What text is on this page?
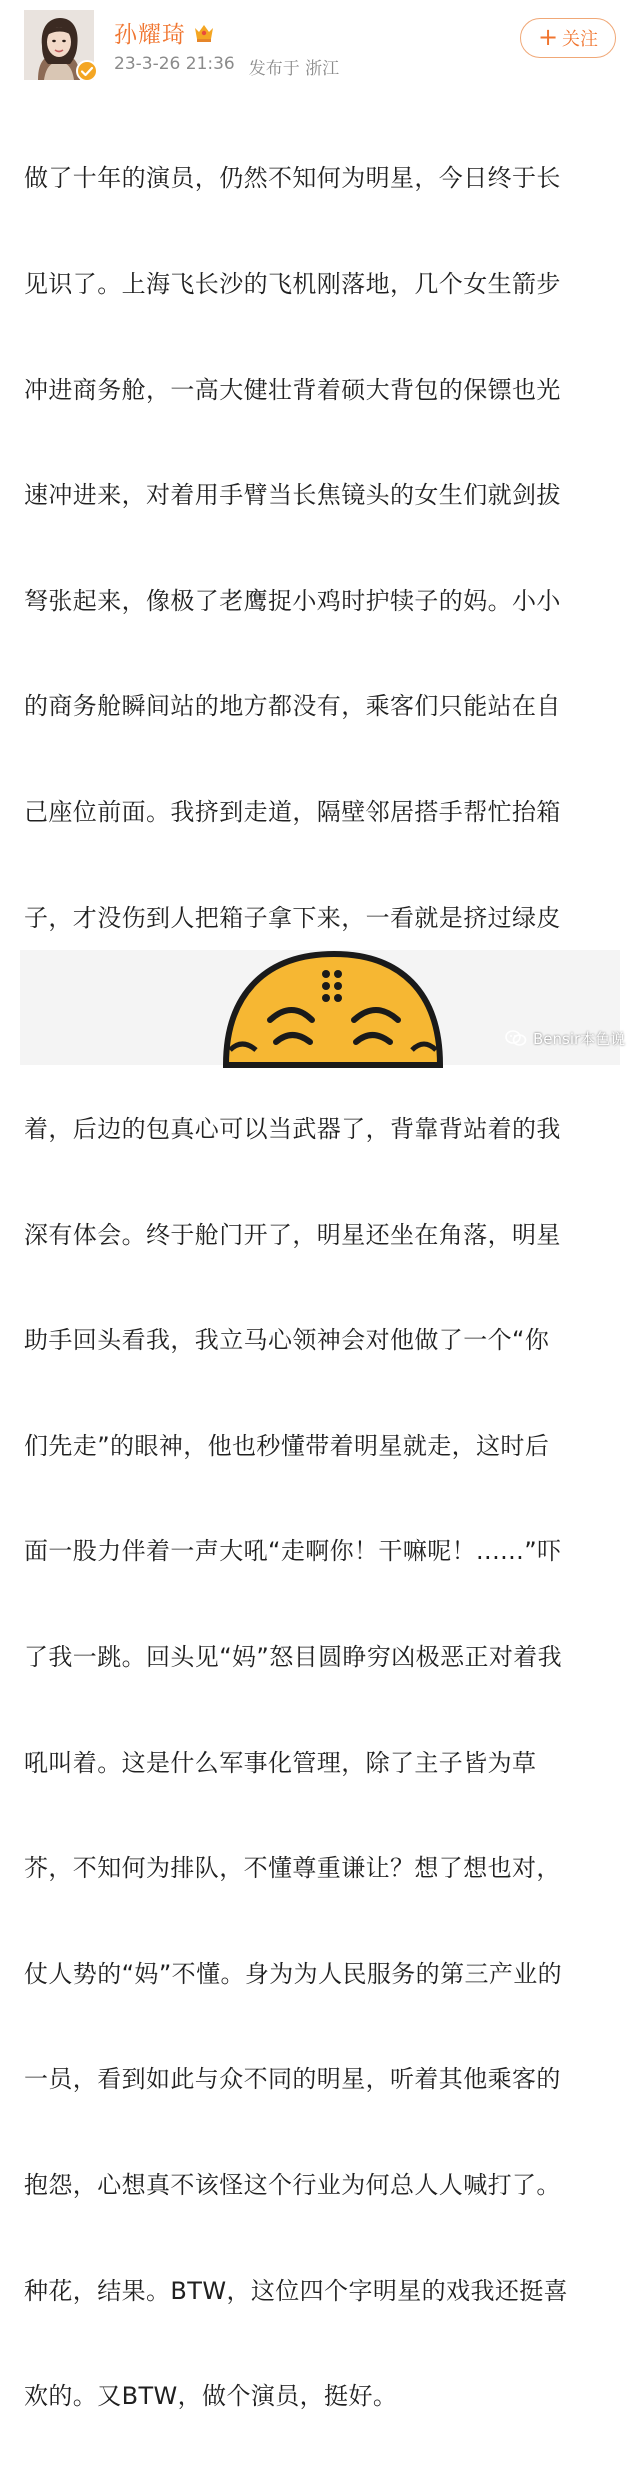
孙耀琦
23-3-26 21:36 发布于 浙江
+ 关注

做了十年的演员，仍然不知何为明星，今日终于长

见识了。上海飞长沙的飞机刚落地，几个女生箭步

冲进商务舱，一高大健壮背着硕大背包的保镖也光

速冲进来，对着用手臂当长焦镜头的女生们就剑拔

弩张起来，像极了老鹰捉小鸡时护犊子的妈。小小

的商务舱瞬间站的地方都没有，乘客们只能站在自

己座位前面。我挤到走道，隔壁邻居搭手帮忙抬箱

子，才没伤到人把箱子拿下来，一看就是挤过绿皮

着，后边的包真心可以当武器了，背靠背站着的我

深有体会。终于舱门开了，明星还坐在角落，明星

助手回头看我，我立马心领神会对他做了一个“你

们先走”的眼神，他也秒懂带着明星就走，这时后

面一股力伴着一声大吼“走啊你！干嘛呢！......”吓

了我一跳。回头见“妈”怒目圆睁穷凶极恶正对着我

吼叫着。这是什么军事化管理，除了主子皆为草

芥，不知何为排队，不懂尊重谦让？想了想也对，

仗人势的“妈”不懂。身为为人民服务的第三产业的

一员，看到如此与众不同的明星，听着其他乘客的

抱怨，心想真不该怪这个行业为何总人人喊打了。

种花，结果。BTW，这位四个字明星的戏我还挺喜

欢的。又BTW，做个演员，挺好。

Bensir本色说
